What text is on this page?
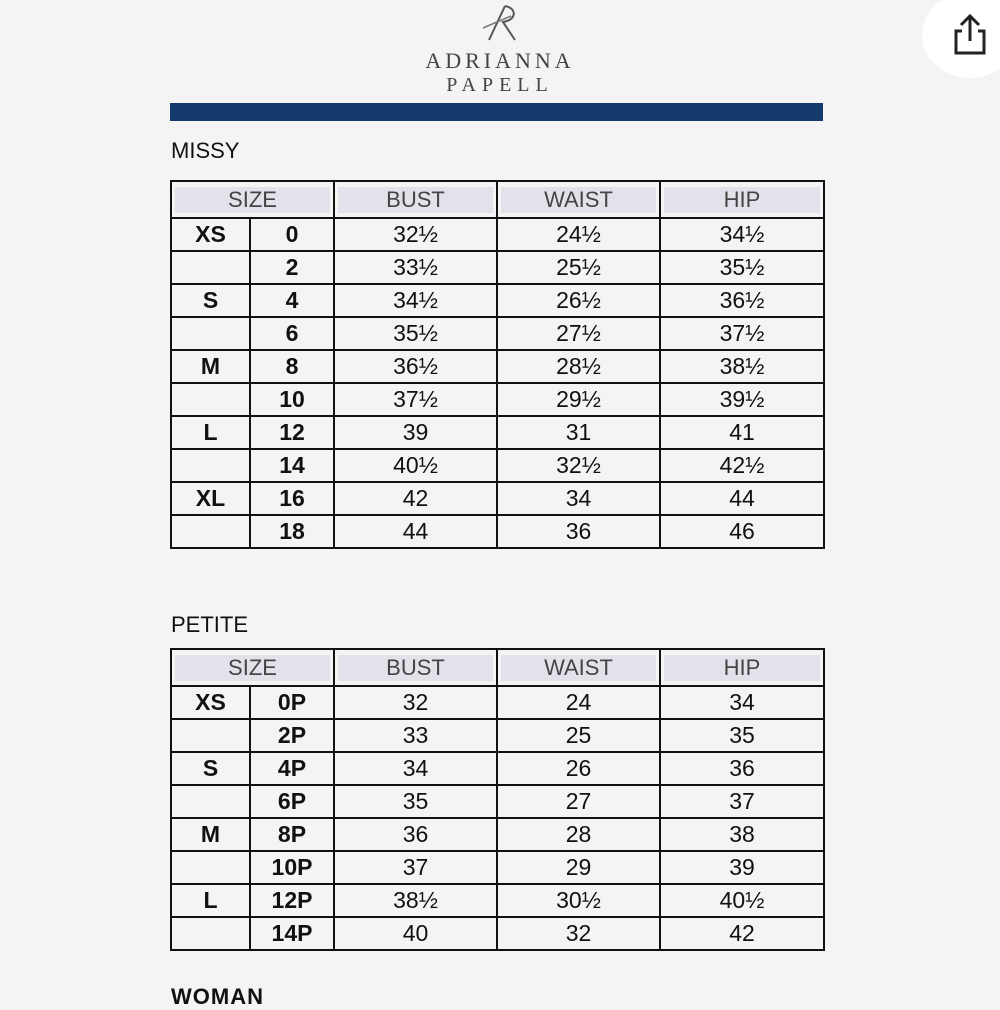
ADRIANNA
PAPELL
MISSY
SIZE		BUST	WAIST	HIP

XS	0	32½	24½	34½
	2	33½	25½	35½
S	4	34½	26½	36½
	6	35½	27½	37½
M	8	36½	28½	38½
	10	37½	29½	39½
L	12	39	31	41
	14	40½	32½	42½
XL	16	42	34	44
	18	44	36	46
PETITE
SIZE		BUST	WAIST	HIP

XS	0P	32	24	34
	2P	33	25	35
S	4P	34	26	36
	6P	35	27	37
M	8P	36	28	38
	10P	37	29	39
L	12P	38½	30½	40½
	14P	40	32	42
WOMAN
